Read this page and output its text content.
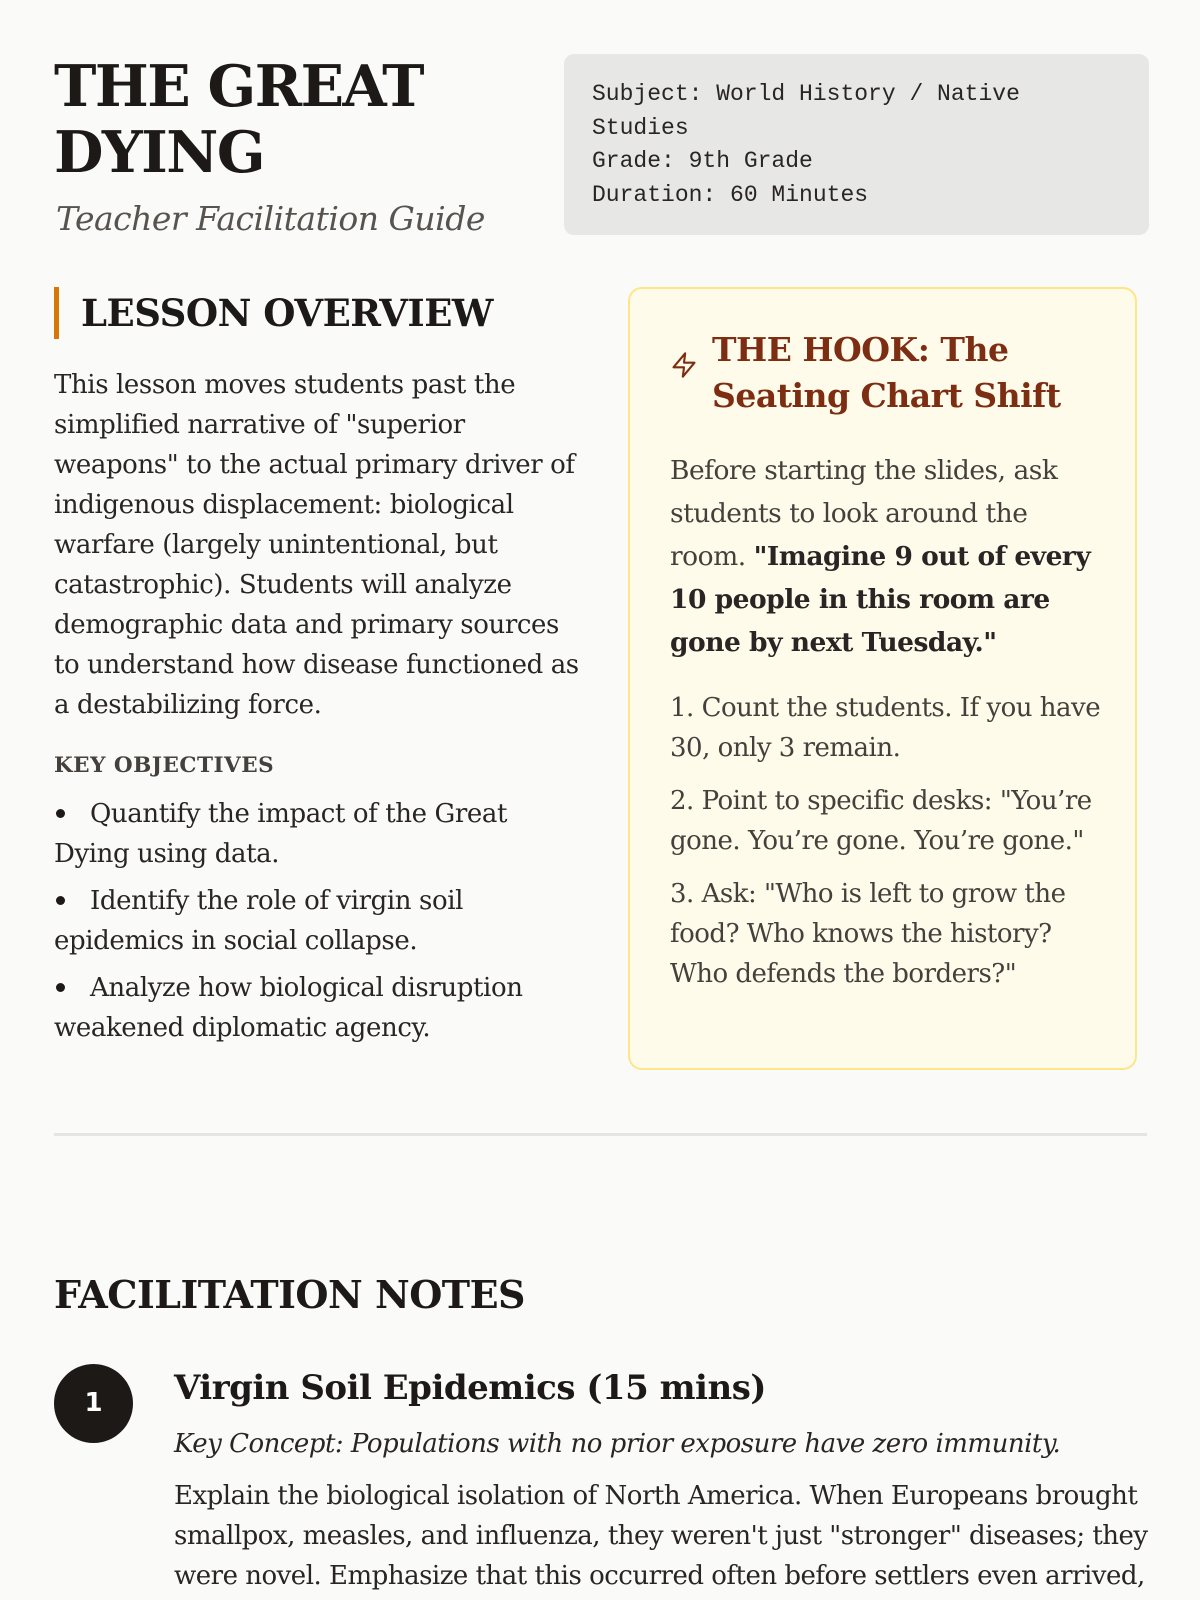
THE GREAT DYING

Teacher Facilitation Guide

Subject: World History / Native Studies
Grade: 9th Grade
Duration: 60 Minutes
LESSON OVERVIEW

This lesson moves students past the simplified narrative of "superior weapons" to the actual primary driver of indigenous displacement: biological warfare (largely unintentional, but catastrophic). Students will analyze demographic data and primary sources to understand how disease functioned as a destabilizing force.

KEY OBJECTIVES
Quantify the impact of the Great Dying using data.
Identify the role of virgin soil epidemics in social collapse.
Analyze how biological disruption weakened diplomatic agency.
THE HOOK: The Seating Chart Shift

Before starting the slides, ask students to look around the room. "Imagine 9 out of every 10 people in this room are gone by next Tuesday."

1. Count the students. If you have 30, only 3 remain.

2. Point to specific desks: "You’re gone. You’re gone. You’re gone."

3. Ask: "Who is left to grow the food? Who knows the history? Who defends the borders?"

FACILITATION NOTES
1	Virgin Soil Epidemics (15 mins)

Key Concept: Populations with no prior exposure have zero immunity.

Explain the biological isolation of North America. When Europeans brought smallpox, measles, and influenza, they weren't just "stronger" diseases; they were novel. Emphasize that this occurred often before settlers even arrived,
